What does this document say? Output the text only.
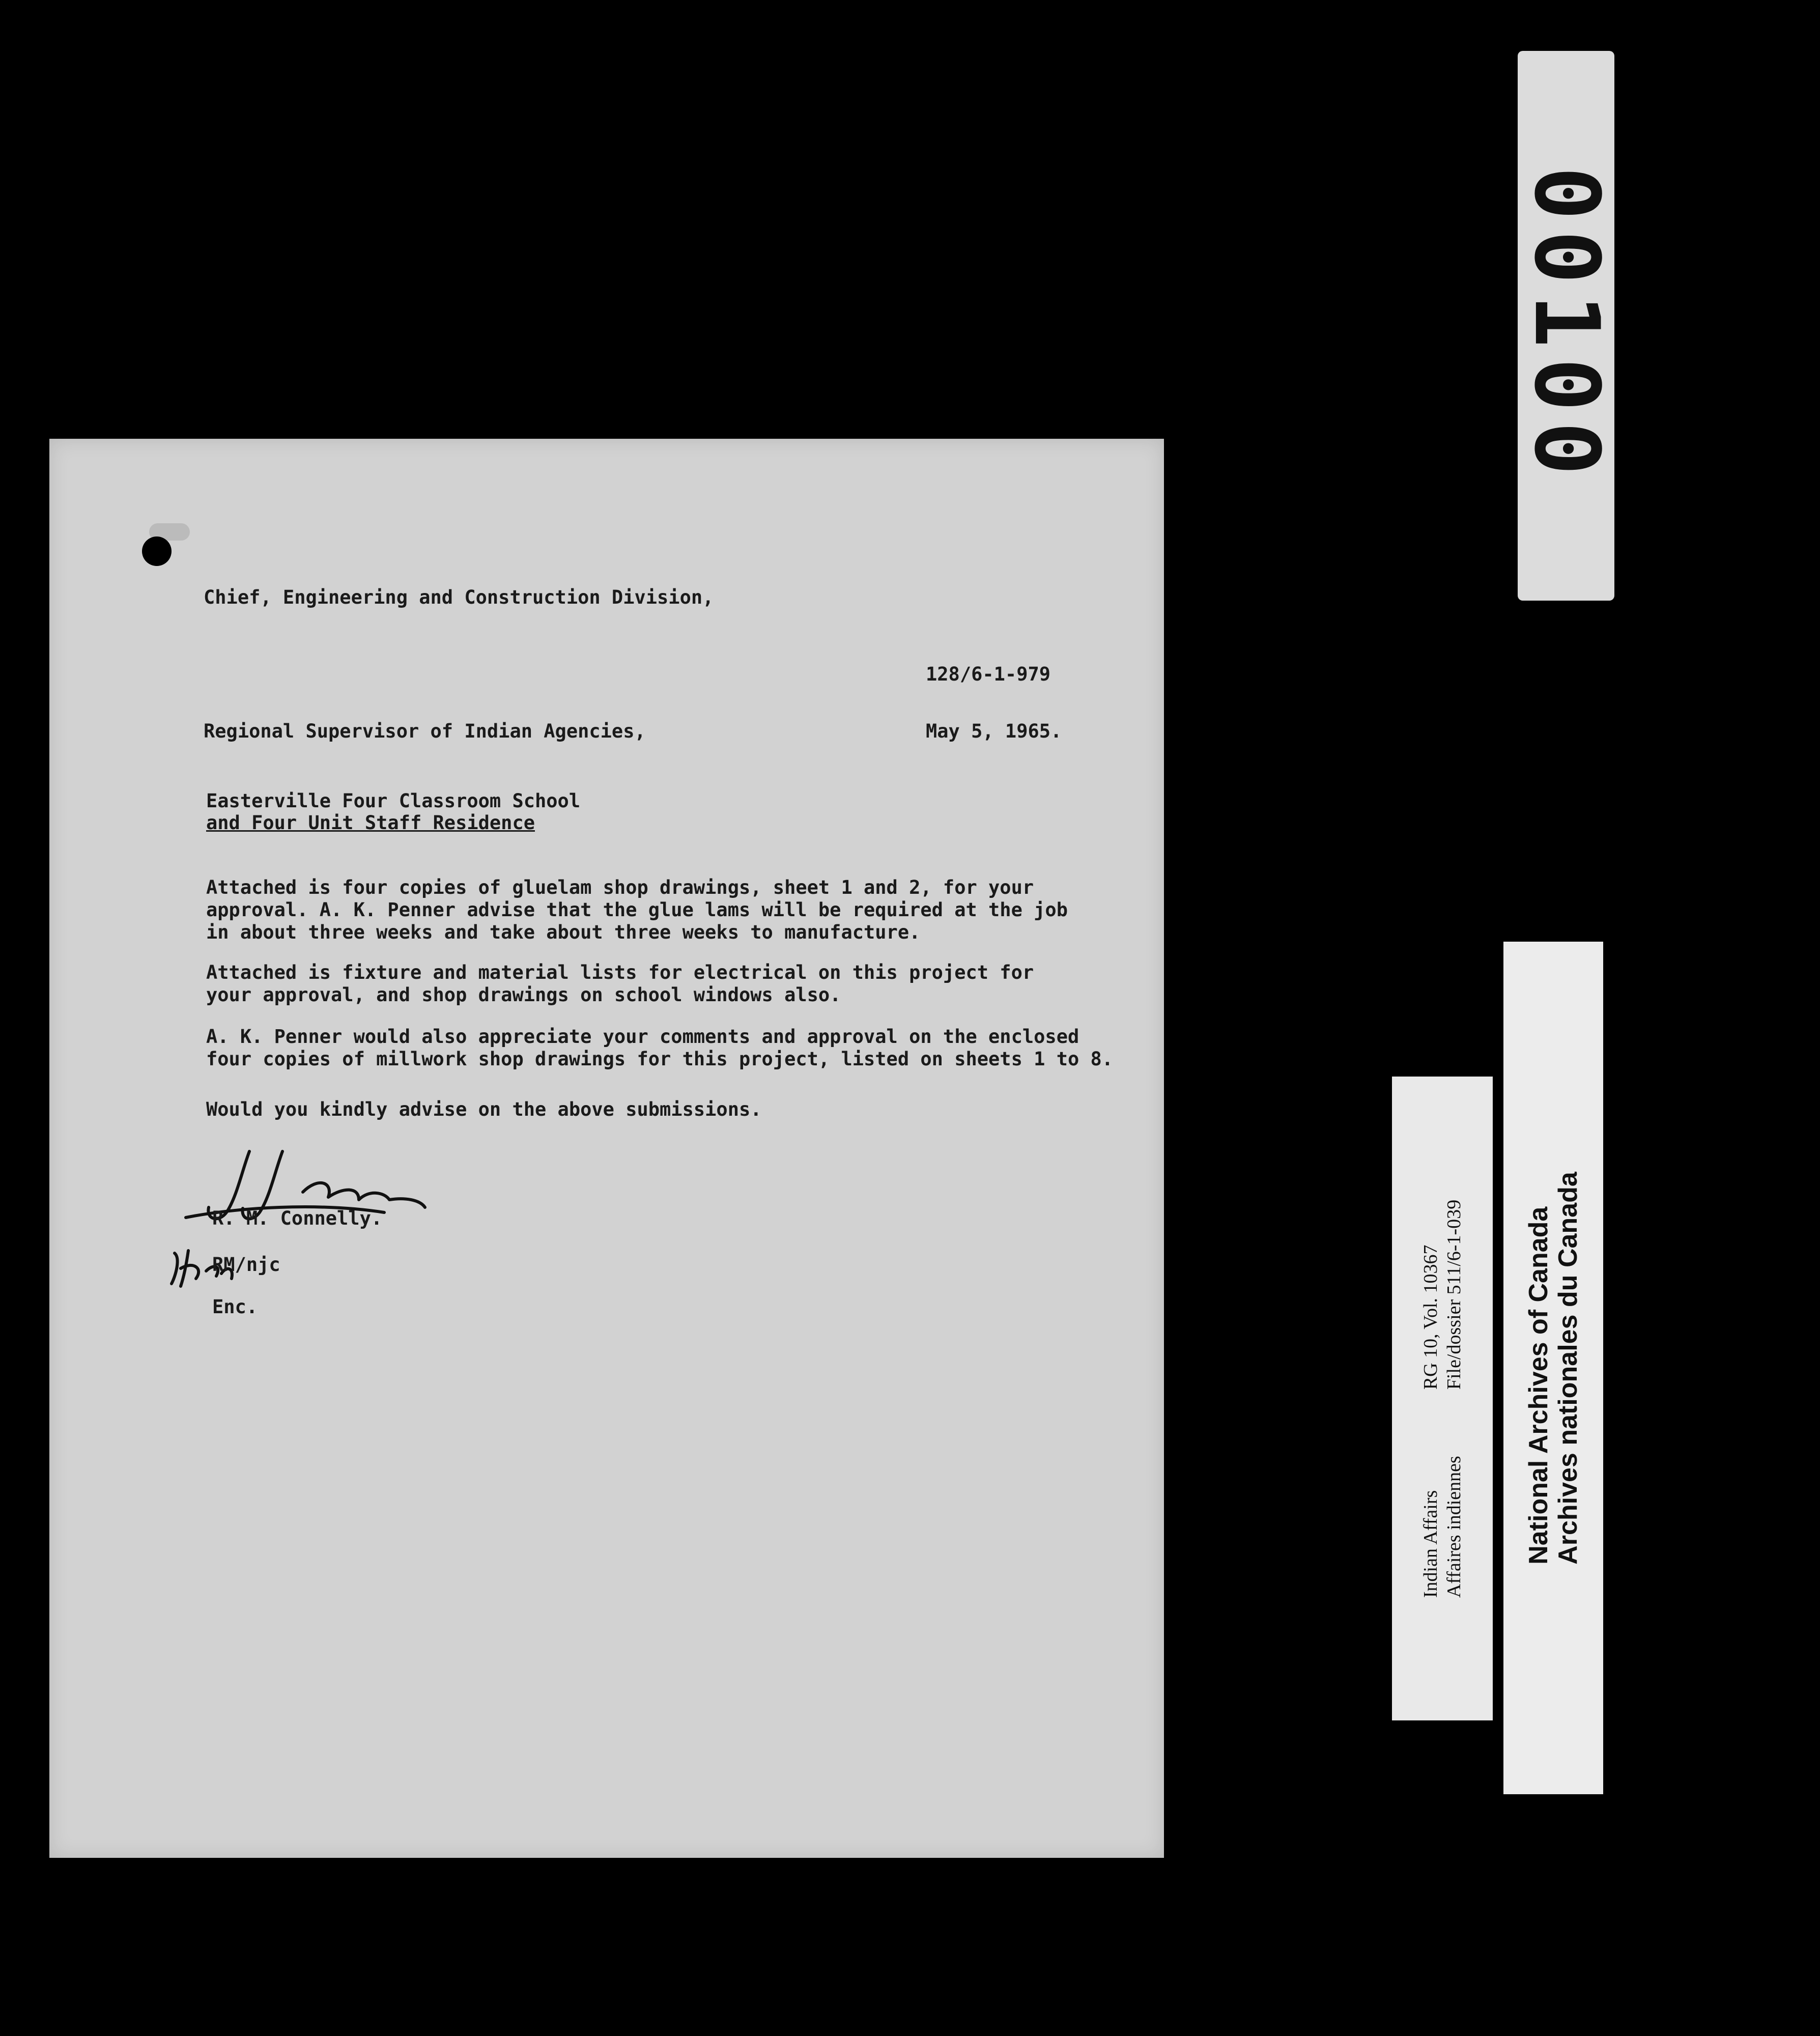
00100

Chief, Engineering and Construction Division,

128/6-1-979

Regional Supervisor of Indian Agencies,	May 5, 1965.

Easterville Four Classroom School

and Four Unit Staff Residence

Attached is four copies of gluelam shop drawings, sheet 1 and 2, for your

approval. A. K. Penner advise that the glue lams will be required at the job

in about three weeks and take about three weeks to manufacture.

Attached is fixture and material lists for electrical on this project for

your approval, and shop drawings on school windows also.

A. K. Penner would also appreciate your comments and approval on the enclosed

four copies of millwork shop drawings for this project, listed on sheets 1 to 8.

Would you kindly advise on the above submissions.

R. M. Connelly.

RM/njc

Enc.

Indian Affairs Affaires indiennes
RG 10, Vol. 10367 File/dossier 511/6-1-039 National Archives of Canada Archives nationales du Canada
